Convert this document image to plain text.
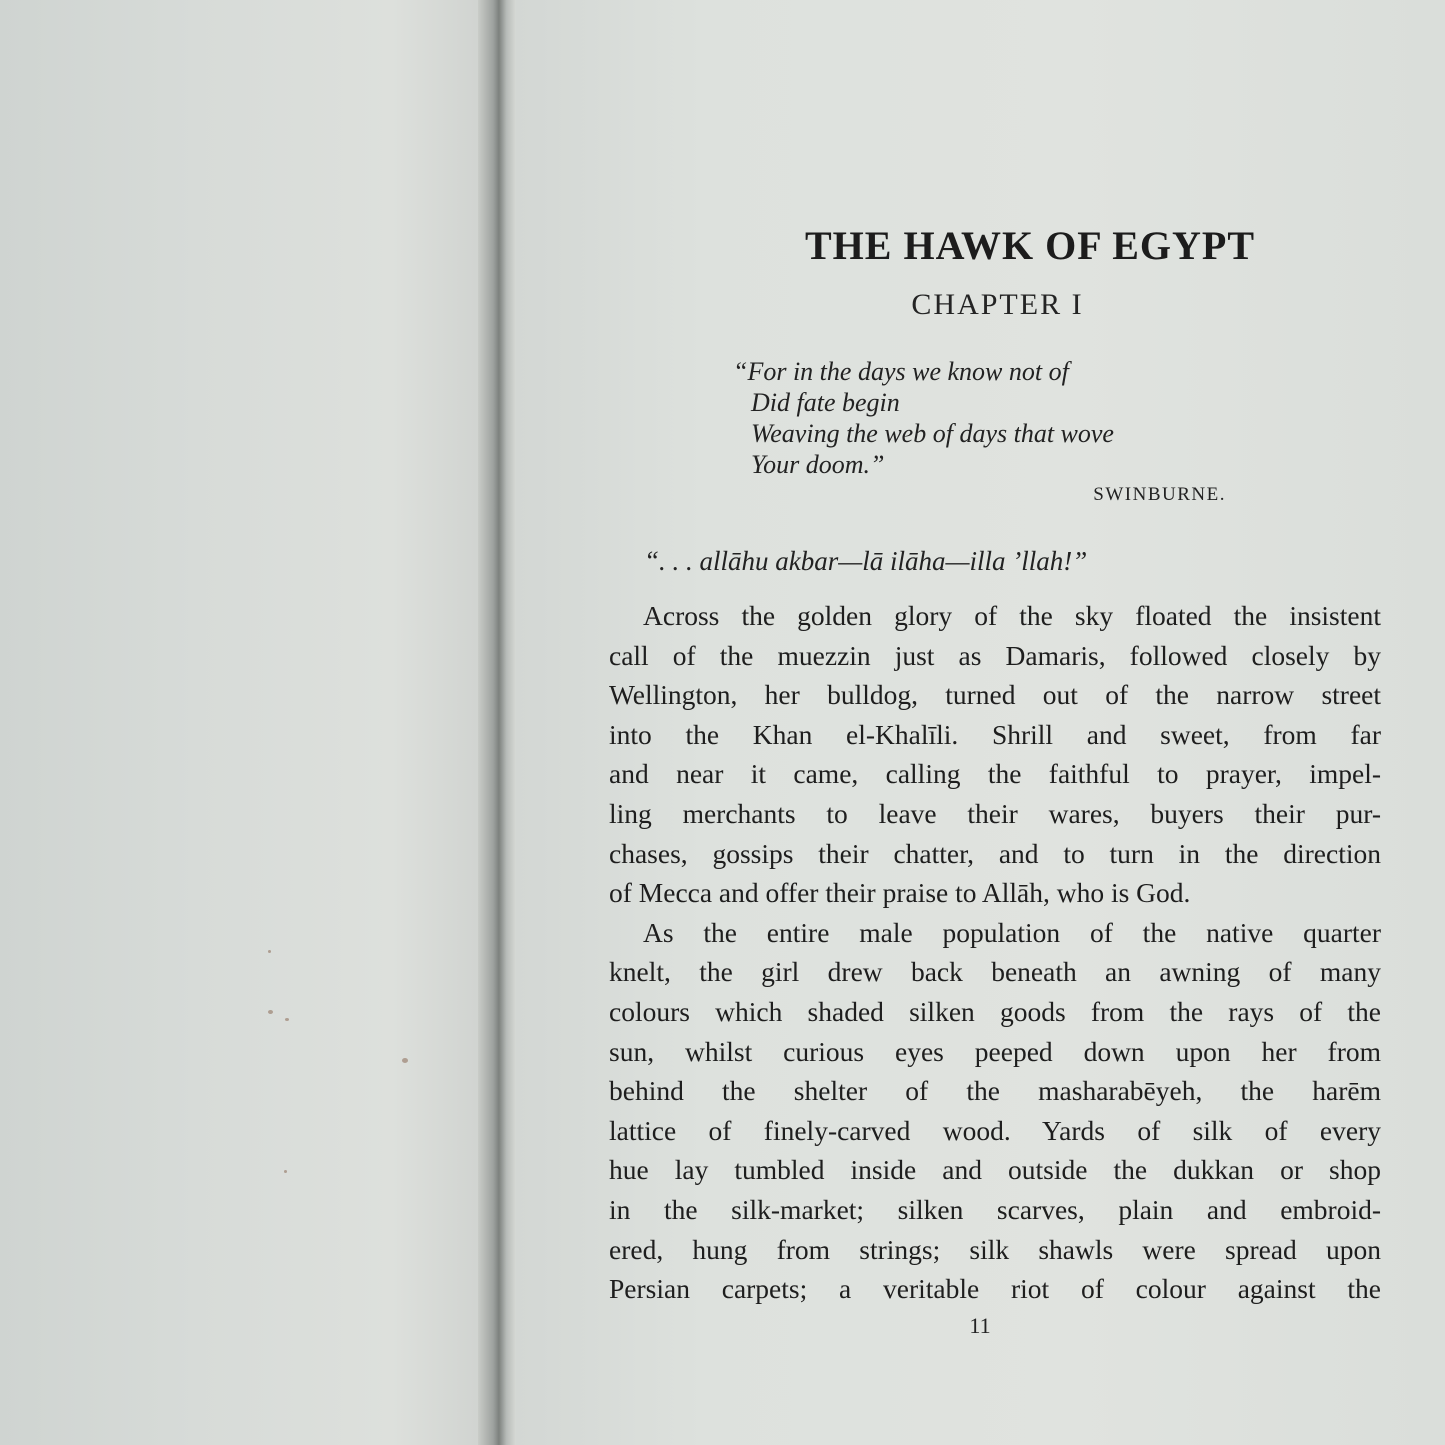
THE HAWK OF EGYPT
CHAPTER I
“For in the days we know not of
Did fate begin
Weaving the web of days that wove
Your doom.”
SWINBURNE.
“. . . allāhu akbar—lā ilāha—illa ’llah!”
Across the golden glory of the sky floated the insistent
call of the muezzin just as Damaris, followed closely by
Wellington, her bulldog, turned out of the narrow street
into the Khan el-Khalīli. Shrill and sweet, from far
and near it came, calling the faithful to prayer, impel-
ling merchants to leave their wares, buyers their pur-
chases, gossips their chatter, and to turn in the direction
of Mecca and offer their praise to Allāh, who is God.
As the entire male population of the native quarter
knelt, the girl drew back beneath an awning of many
colours which shaded silken goods from the rays of the
sun, whilst curious eyes peeped down upon her from
behind the shelter of the masharabēyeh, the harēm
lattice of finely-carved wood. Yards of silk of every
hue lay tumbled inside and outside the dukkan or shop
in the silk-market; silken scarves, plain and embroid-
ered, hung from strings; silk shawls were spread upon
Persian carpets; a veritable riot of colour against the
11
